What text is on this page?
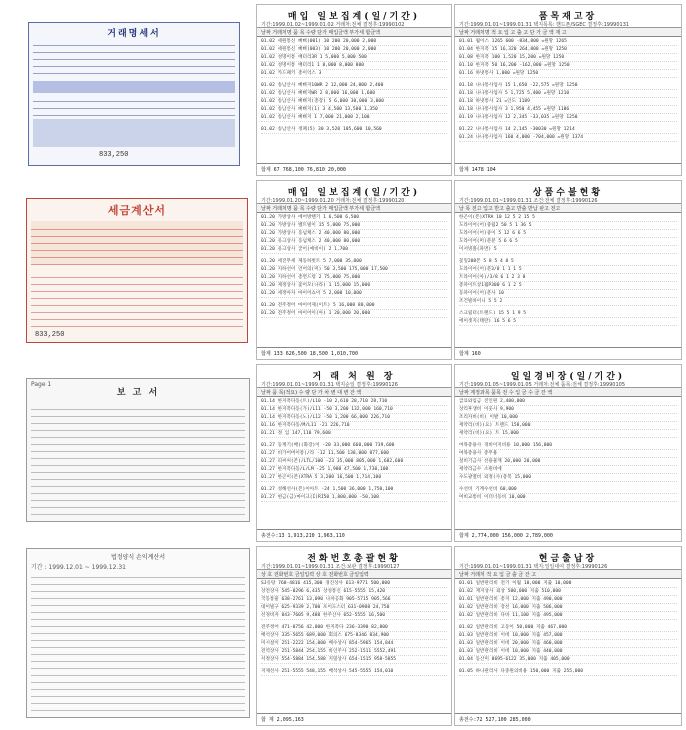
거래명세서
833,250
세금계산서
833,250
Page 1
보 고 서
법정양식 손익계산서
기간 : 1999.12.01 ~ 1999.12.31
매입 일보집계(일/기간)
기간:1999.01.02~1999.01.02 거래처:전체 결정후:19990102
날짜 거래처명 품 목 수량 단가 매입금액 부가세 합금액
01.02 세원통신 삐삐(001) 10 200 20,000 2,000
01.02 세원통신 삐삐(003) 10 200 20,000 2,000
01.02 성명이통 배터리3R 1 5,000 5,000 500
01.02 성명이통 배터리1 1 8,000 8,000 800
01.02 카드패키 총이억스 3
01.02 송남산사 삐삐지10WR 2 12,000 24,000 2,400
01.02 송남산사 삐삐지WR 2 8,000 16,000 1,600
01.02 송남산사 삐삐지(총장) 5 6,000 30,000 3,000
01.02 송남산사 삐삐지(1) 3 4,500 13,500 1,350
01.02 송남산사 삐삐지 1 7,000 21,000 2,100
01.02 송남산사 정폐(5) 30 3,520 105,600 10,560
합계 67 768,100 76,810 20,000
품목재고장
기간:1999.01.01~1999.01.31 택지목록: 핸드폰/SGEC 결정후:19990131
날짜 거래처명 적 요 입 고 출 고 단 가 금 액 재 고
01.01 월이스 1265 600 -834,800 =원망 1265
01.04 한지폭 15 16,320 264,800 =원망 1250
01.08 한지폭 100 1,520 15,200 =원망 1250
01.10 한지폭 50 16,200 -162,000 =원망 1250
01.16 하냇통사 1,000 =원망 1250
01.18 나나통사업사 15 1,650 -22,575 =원망 1250
01.18 나나통사업사 5 1,725 5,400 =원망 1210
01.18 하냇통사 21 =인도 1189
01.18 나나통사업사 3 1,950 4,455 =원망 1186
01.19 나나통사업사 12 2,345 -33,035 =원망 1250
01.22 나나통사업사 14 2,145 -30030 =원망 1214
01.24 나나통사업사 160 4,000 -704,000 =원망 1374
합계 1478 104
매입 일보집계(일/기간)
기간:1999.01.20~1999.01.20 거래처:전체 결정후:19990120
날짜 거래처명 품 목 수량 단가 매입금액 부가세 합금액
01.20 가방상사 에어방핸기 1 6,500 6,500
01.20 가방상사 벨트빌이 15 5,000 75,000
01.20 가방상사 동넘케스 2 40,000 80,000
01.20 유크상사 동넘케스 2 40,000 80,000
01.20 유크상사 굳어(예비이) 2 1,700
01.20 세진무세 제동하벗트 5 7,000 35,000
01.20 지하선이 언어의(미) 50 3,500 175,000 17,500
01.20 지하선이 총면드렁 2 75,000 75,000
01.20 제정상사 꽃어모(나라) 1 15,000 15,000
01.20 세정아자 마이어쇼이 5 2,000 10,000
01.20 전주정어 마이어제(이트) 5 16,000 80,000
01.20 전주정어 마이어이(아) 1 20,000 20,000
합계 133 626,500 18,500 1,010,700
상품수불현황
기간:1999.01.01~1999.01.31 조건:전체 결정후:19990126
날 목 전고 입고 반고 출고 반출 반납 판고 전고
한곤이(폰)XTRA 10 12 5 2 15 5
도라이어(어)중립2 50 5 1 36 5
도라이어(어)중이 5 12 6 6 5
도라이어(머)분분 5 6 6 5
이서빙폴(파면) 5
꽃잎208폰 5 8 5 4 8 5
도라이어(어)분3/8 1 1 1 5
트라이어(아)/3/8 6 1 2 3 8
총파이트상1월P300 6 1 2 5
동파이어(어)분사 10
조건빌바이니 5 5 2
스크립터(트랜드) 15 5 1 9 5
에이셋지(태란) 16 5 6 5
합계 160
거 래 처 원 장
기간:1999.01.01~1999.01.31 택지순일 결정후:19990126
날짜 품 목(적요) 수 량 단 가 차 변 대 변 잔 액
01.14 한지폭다동(트)/L10 -10 2,610 28,710 28,710
01.14 한지폭다동(가)/L11 -50 3,200 132,000 160,710
01.14 한지폭다동(노)/L12 -50 1,200 66,000 226,710
01.16 한지폭다동/M/L11 -21 226,710
01.21 정 입 147,110 79,600
01.27 동계기(배)(화장)이 -20 33,000 660,000 739,600
01.27 비가어버이통)/라 -12 11,500 138,000 877,600
01.27 피씨씨(폰)/LTL/100 -23 35,000 805,000 1,682,600
01.27 한지폭다동/L/LM -25 1,900 47,500 1,730,100
01.27 한곤이(폰)XTRA 5 3,200 16,500 1,714,100
01.27 성해선사(폰)이아트 -24 1,500 36,000 1,750,100
01.27 현금(금)마이크(I)RI50 1,800,000 -50,100
총전수:13 1,913,210 1,963,110
일일경비장(일/기간)
기간:1999.01.05~1999.01.05 거래처:전체 품목:전체 결정후:19990105
날짜 계정과목 품목 전 수 입 금 수 금 잔 액
급료와임금 진인원 2,400,000
상리후생비 이웃사 9,900
조리자비(비) 이발 10,000
세약리(비)(요) 트랜드 158,000
세약리(비)(요) 트 15,000
여목총용사 경비이지비용 10,000 156,000
여목총용사 총무용
설비기금사 선용물재 20,000 20,000
세약리금수 소원비에
수도광열비 외정(사)총복 15,000
수선비 기계수선비 60,000
여비교통비 이더너등비 10,000
합계 2,774,000 156,000 2,789,000
전화번호총괄현황
기간:1999.01.01~1999.01.31 조건:보관 결정후:19990127
상 호 전화번호 금일입력 상 호 전화번호 금일입력
SJ유탕 768-4816 415,300 경진상사 613-9771 500,000
상전상사 545-0296 6,435 상성통신 615-5555 15,420
국동통물 638-2761 13,090 나차공화 905-5715 905,566
대이빌구 625-9339 2,700 포이도스터 631-0988 24,750
선경비자 843-7605 9,488 한주산사 652-5555 16,500
전주정어 471-0756 42,000 한지폭다 236-3390 82,800
배석상사 335-5655 689,000 회의스 675-8346 834,900
미시설이 251-2222 154,000 배수상사 854-5965 154,844
전역상사 251-5844 254,155 바인주사 252-1511 5552,491
서정상사 554-5884 154,588 지밀상사 654-1515 958-5855
지제선사 251-5555 548,155 배석상사 545-5555 154,010
합 계 2,095,163
현금출납장
기간:1999.01.01~1999.01.31 택지:일일대여 결정후:19990126
날짜 거래처 적 요 입 금 출 금 잔 고
01.01 일반관리비 전기 이월 10,000 지출 10,000
01.02 재지상사 외상 500,000 지출 510,000
01.01 일반관리비 총지 12,000 지출 490,000
01.02 일반관리비 강선 16,000 지출 506,000
01.02 일반관리비 다바 11,100 지출 495,000
01.02 일반관리비 고동이 50,000 지출 467,000
01.03 일반관리비 이데 10,000 지출 457,000
01.03 일반관리비 이데 20,000 지출 460,000
01.03 일반관리비 이데 10,000 지출 440,000
01.04 동산미 8695-6122 35,000 지출 405,000
01.05 하나관리사 다중원의비용 150,000 지출 255,000
총전수:72 527,100 285,000
